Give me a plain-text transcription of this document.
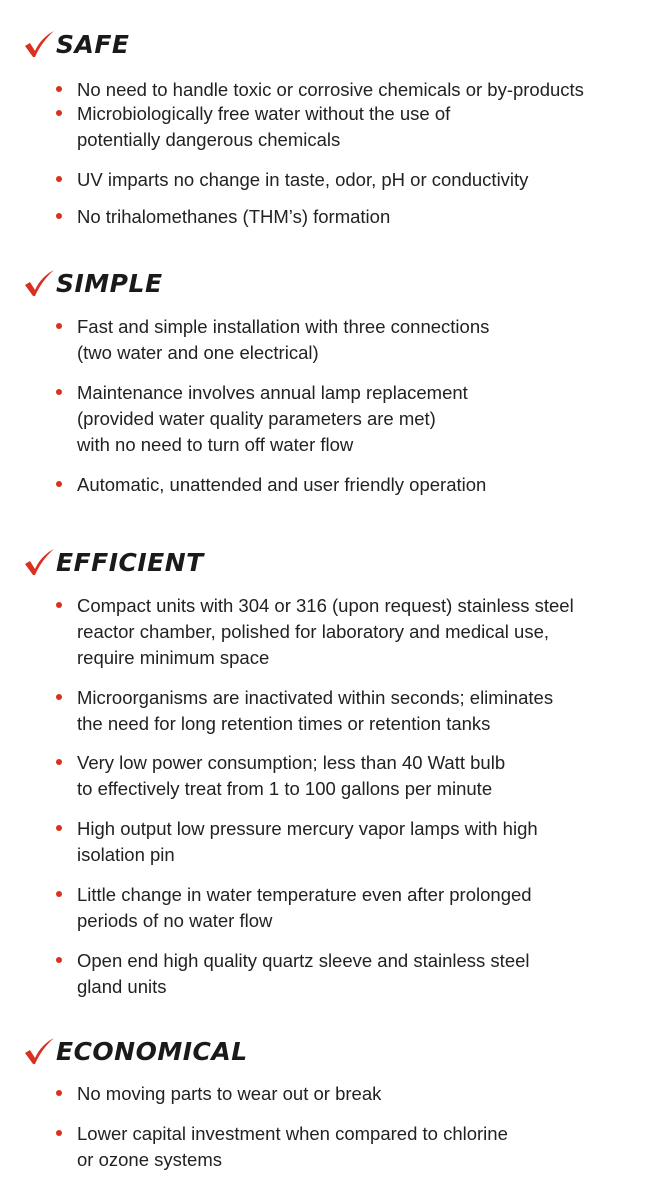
SAFE
No need to handle toxic or corrosive chemicals or by-products
Microbiologically free water without the use of
potentially dangerous chemicals
UV imparts no change in taste, odor, pH or conductivity
No trihalomethanes (THM’s) formation
SIMPLE
Fast and simple installation with three connections
(two water and one electrical)
Maintenance involves annual lamp replacement
(provided water quality parameters are met)
with no need to turn off water flow
Automatic, unattended and user friendly operation
EFFICIENT
Compact units with 304 or 316 (upon request) stainless steel
reactor chamber, polished for laboratory and medical use,
require minimum space
Microorganisms are inactivated within seconds; eliminates
the need for long retention times or retention tanks
Very low power consumption; less than 40 Watt bulb
to effectively treat from 1 to 100 gallons per minute
High output low pressure mercury vapor lamps with high
isolation pin
Little change in water temperature even after prolonged
periods of no water flow
Open end high quality quartz sleeve and stainless steel
gland units
ECONOMICAL
No moving parts to wear out or break
Lower capital investment when compared to chlorine
or ozone systems
